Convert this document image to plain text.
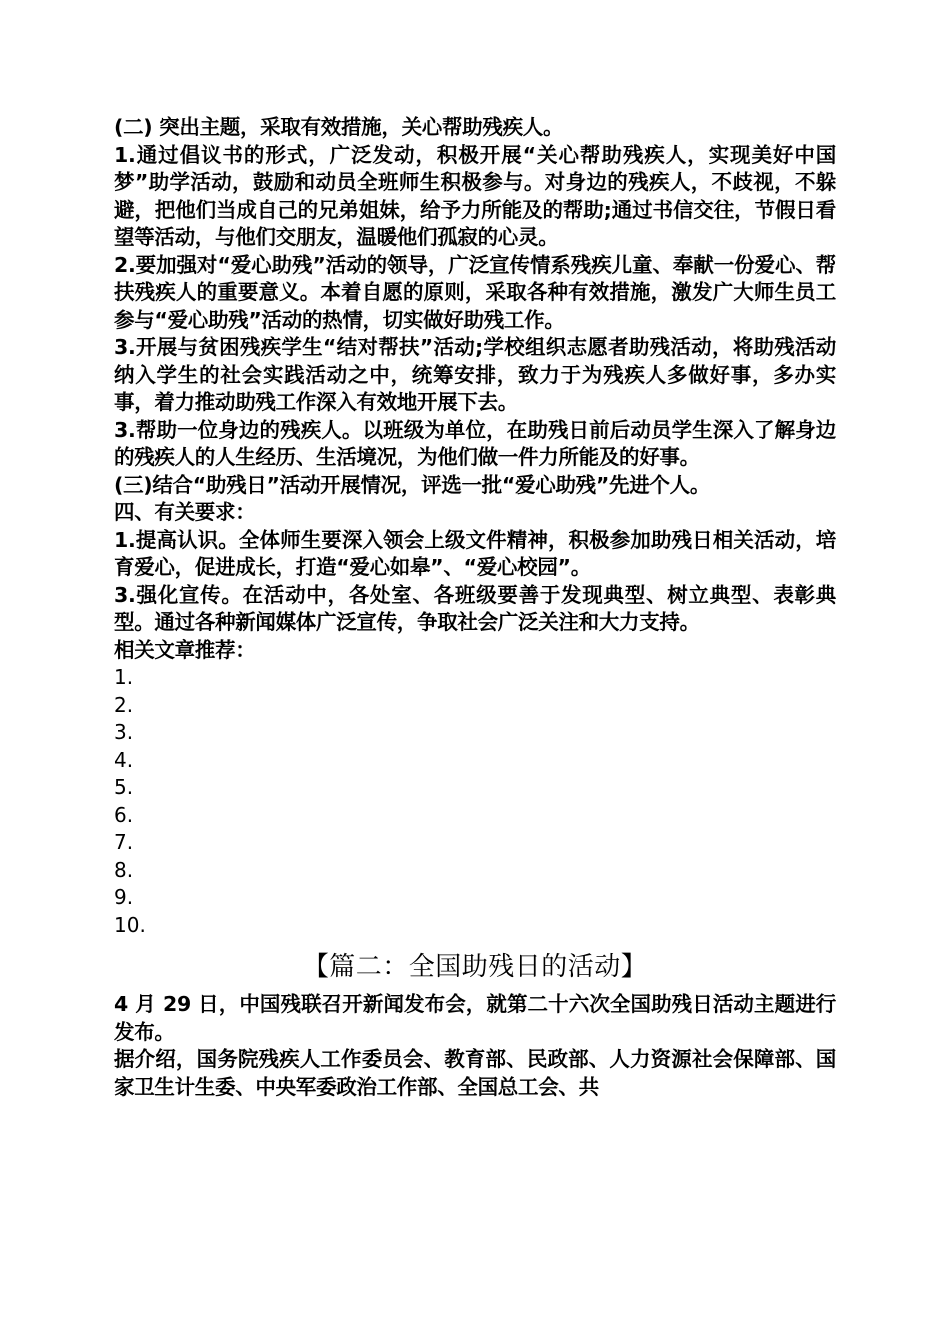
(二) 突出主题，采取有效措施，关心帮助残疾人。

1.通过倡议书的形式，广泛发动，积极开展“关心帮助残疾人，实现美好中国梦”助学活动，鼓励和动员全班师生积极参与。对身边的残疾人，不歧视，不躲避，把他们当成自己的兄弟姐妹，给予力所能及的帮助;通过书信交往，节假日看望等活动，与他们交朋友，温暖他们孤寂的心灵。

2.要加强对“爱心助残”活动的领导，广泛宣传情系残疾儿童、奉献一份爱心、帮扶残疾人的重要意义。本着自愿的原则，采取各种有效措施，激发广大师生员工参与“爱心助残”活动的热情，切实做好助残工作。

3.开展与贫困残疾学生“结对帮扶”活动;学校组织志愿者助残活动，将助残活动纳入学生的社会实践活动之中，统筹安排，致力于为残疾人多做好事，多办实事，着力推动助残工作深入有效地开展下去。

3.帮助一位身边的残疾人。以班级为单位，在助残日前后动员学生深入了解身边的残疾人的人生经历、生活境况，为他们做一件力所能及的好事。

(三)结合“助残日”活动开展情况，评选一批“爱心助残”先进个人。

四、有关要求：

1.提高认识。全体师生要深入领会上级文件精神，积极参加助残日相关活动，培育爱心，促进成长，打造“爱心如皋”、“爱心校园”。

3.强化宣传。在活动中，各处室、各班级要善于发现典型、树立典型、表彰典型。通过各种新闻媒体广泛宣传，争取社会广泛关注和大力支持。

相关文章推荐：

1.

2.

3.

4.

5.

6.

7.

8.

9.

10.

【篇二：全国助残日的活动】

4 月 29 日，中国残联召开新闻发布会，就第二十六次全国助残日活动主题进行发布。

据介绍，国务院残疾人工作委员会、教育部、民政部、人力资源社会保障部、国家卫生计生委、中央军委政治工作部、全国总工会、共
